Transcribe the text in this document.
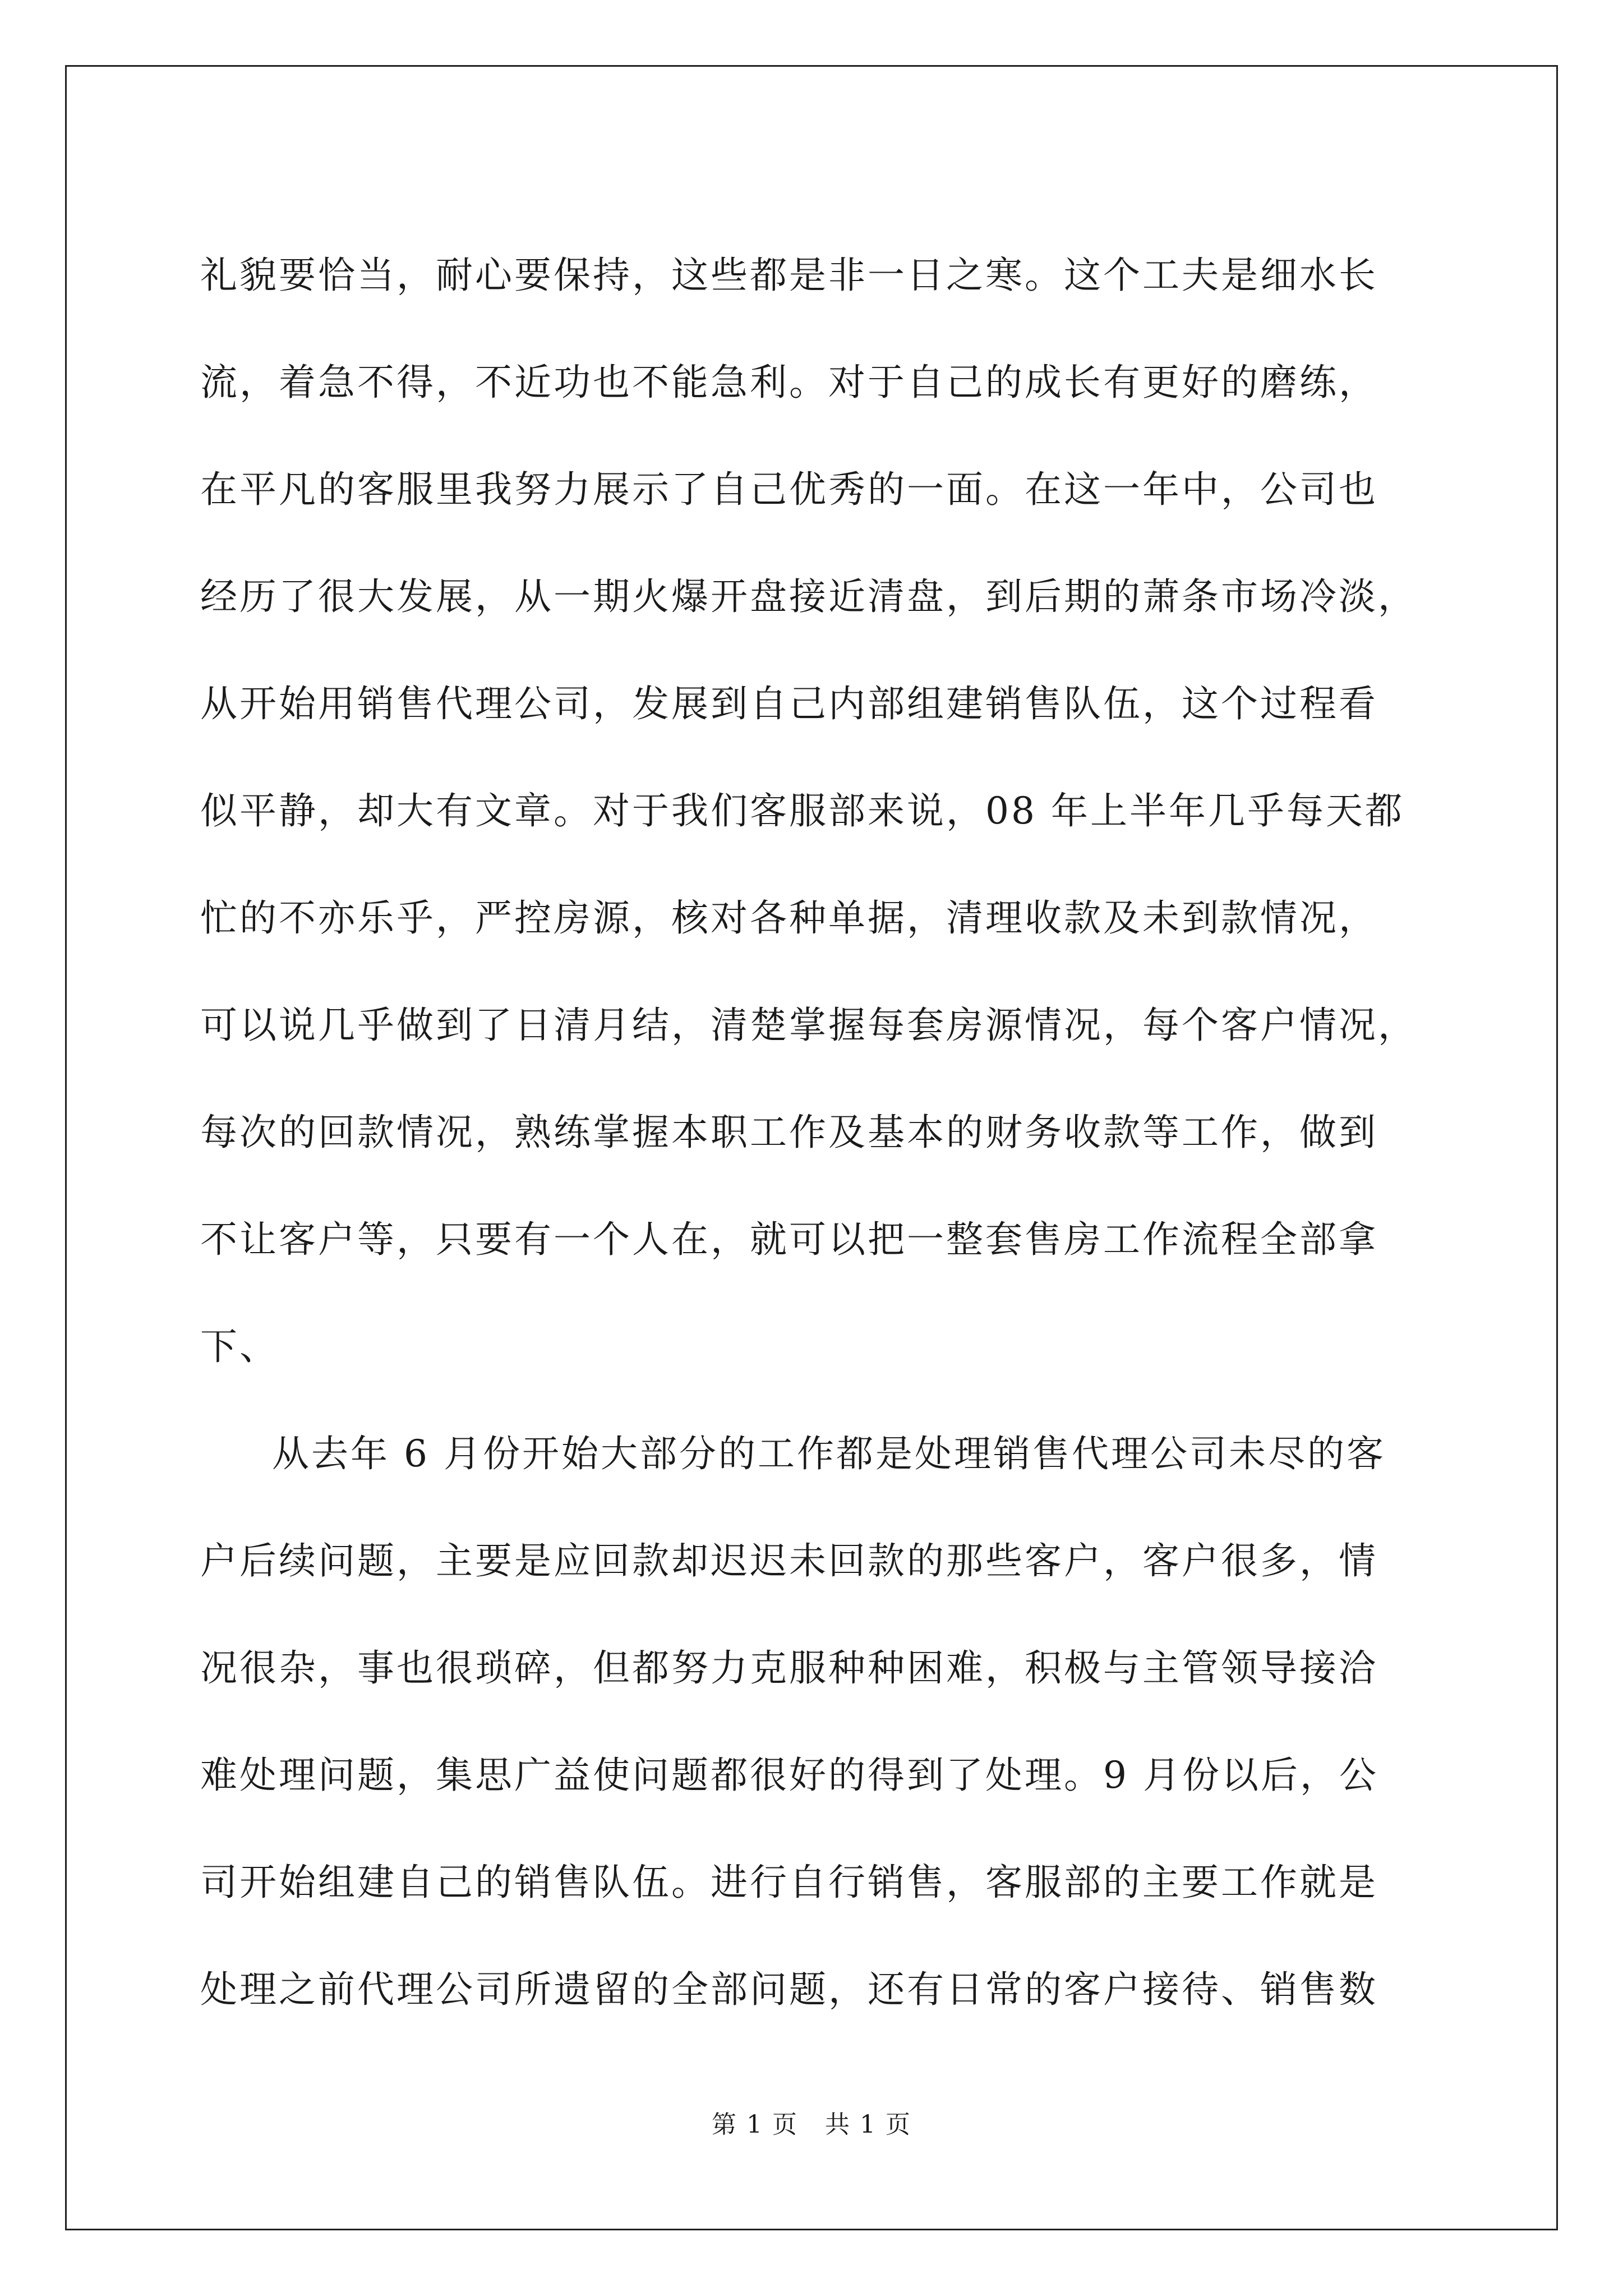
礼貌要恰当，耐心要保持，这些都是非一日之寒。这个工夫是细水长
流，着急不得，不近功也不能急利。对于自己的成长有更好的磨练，
在平凡的客服里我努力展示了自己优秀的一面。在这一年中，公司也
经历了很大发展，从一期火爆开盘接近清盘，到后期的萧条市场冷淡，
从开始用销售代理公司，发展到自己内部组建销售队伍，这个过程看
似平静，却大有文章。对于我们客服部来说，08 年上半年几乎每天都
忙的不亦乐乎，严控房源，核对各种单据，清理收款及未到款情况，
可以说几乎做到了日清月结，清楚掌握每套房源情况，每个客户情况，
每次的回款情况，熟练掌握本职工作及基本的财务收款等工作，做到
不让客户等，只要有一个人在，就可以把一整套售房工作流程全部拿
下、
从去年 6 月份开始大部分的工作都是处理销售代理公司未尽的客
户后续问题，主要是应回款却迟迟未回款的那些客户，客户很多，情
况很杂，事也很琐碎，但都努力克服种种困难，积极与主管领导接洽
难处理问题，集思广益使问题都很好的得到了处理。9 月份以后，公
司开始组建自己的销售队伍。进行自行销售，客服部的主要工作就是
处理之前代理公司所遗留的全部问题，还有日常的客户接待、销售数
第 1 页   共 1 页
